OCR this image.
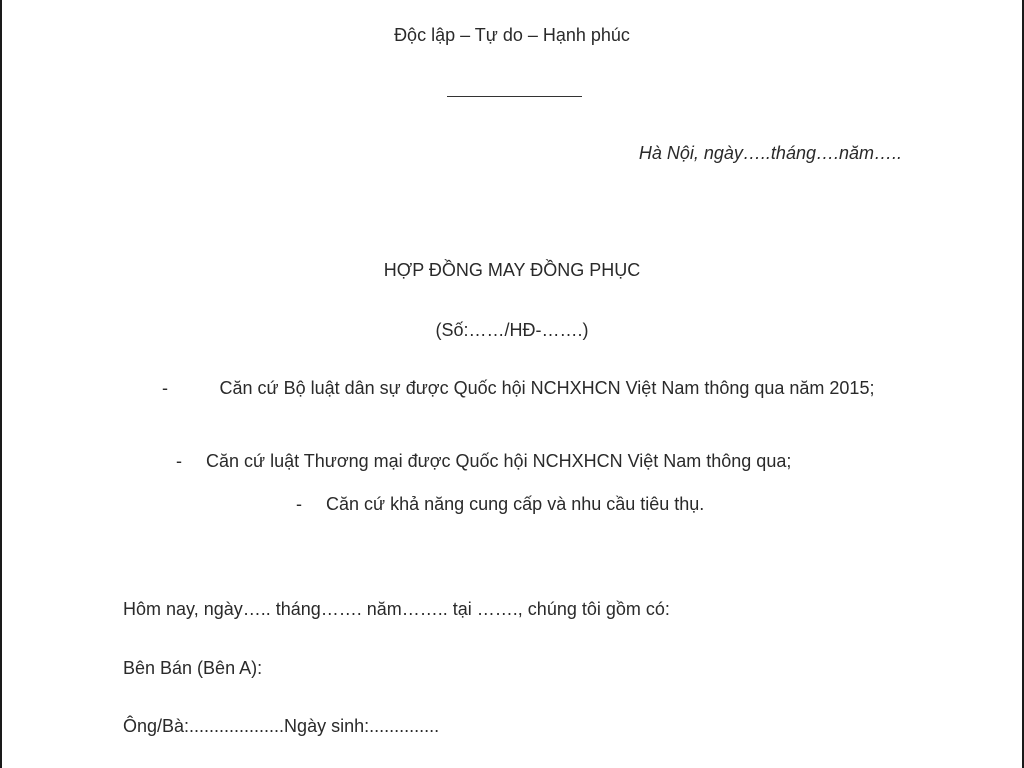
Độc lập – Tự do – Hạnh phúc
Hà Nội, ngày…..tháng….năm…..
HỢP ĐỒNG MAY ĐỒNG PHỤC
(Số:……/HĐ-…….)
-	Căn cứ Bộ luật dân sự được Quốc hội NCHXHCN Việt Nam thông qua năm 2015;
-	Căn cứ luật Thương mại được Quốc hội NCHXHCN Việt Nam thông qua;
-	Căn cứ khả năng cung cấp và nhu cầu tiêu thụ.
Hôm nay, ngày….. tháng……. năm…….. tại ……., chúng tôi gồm có:
Bên Bán (Bên A):
Ông/Bà:...................Ngày sinh:..............
